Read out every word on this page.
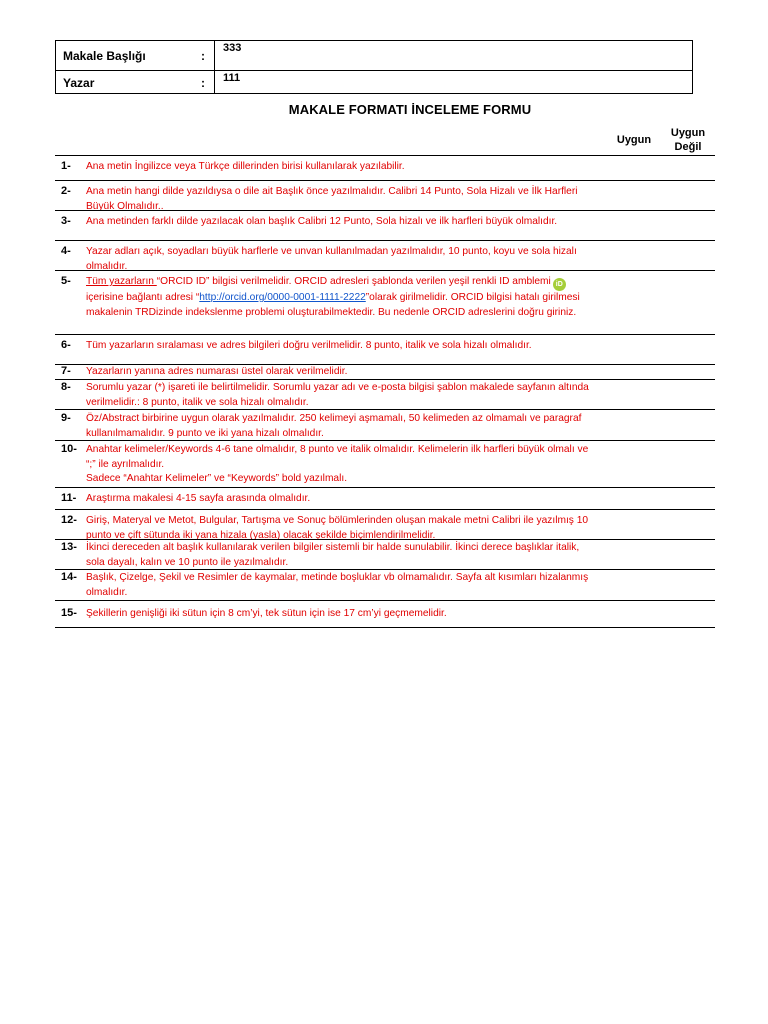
Makale Başlığı	:
333
Yazar	: 111
MAKALE FORMATI İNCELEME FORMU
Uygun
Uygun Değil
1- Ana metin İngilizce veya Türkçe dillerinden birisi kullanılarak yazılabilir.
2- Ana metin hangi dilde yazıldıysa o dile ait Başlık önce yazılmalıdır. Calibri 14 Punto, Sola Hizalı ve İlk Harfleri Büyük Olmalıdır..
3- Ana metinden farklı dilde yazılacak olan başlık Calibri 12 Punto, Sola hizalı ve ilk harfleri büyük olmalıdır.
4- Yazar adları açık, soyadları büyük harflerle ve unvan kullanılmadan yazılmalıdır, 10 punto, koyu ve sola hizalı olmalıdır.
5- Tüm yazarların “ORCID ID” bilgisi verilmelidir. ORCID adresleri şablonda verilen yeşil renkli ID amblemi iDiçerisine bağlantı adresi “http://orcid.org/0000-0001-1111-2222”olarak girilmelidir. ORCID bilgisi hatalı girilmesi makalenin TRDizinde indekslenme problemi oluşturabilmektedir. Bu nedenle ORCID adreslerini doğru giriniz.
6- Tüm yazarların sıralaması ve adres bilgileri doğru verilmelidir. 8 punto, italik ve sola hizalı olmalıdır.
7- Yazarların yanına adres numarası üstel olarak verilmelidir.
8- Sorumlu yazar (*) işareti ile belirtilmelidir. Sorumlu yazar adı ve e-posta bilgisi şablon makalede sayfanın altında verilmelidir.: 8 punto, italik ve sola hizalı olmalıdır.
9- Öz/Abstract birbirine uygun olarak yazılmalıdır. 250 kelimeyi aşmamalı, 50 kelimeden az olmamalı ve paragraf kullanılmamalıdır. 9 punto ve iki yana hizalı olmalıdır.
10- Anahtar kelimeler/Keywords 4-6 tane olmalıdır, 8 punto ve italik olmalıdır. Kelimelerin ilk harfleri büyük olmalı ve “;” ile ayrılmalıdır.
Sadece “Anahtar Kelimeler” ve “Keywords” bold yazılmalı.
11- Araştırma makalesi 4-15 sayfa arasında olmalıdır.
12- Giriş, Materyal ve Metot, Bulgular, Tartışma ve Sonuç bölümlerinden oluşan makale metni Calibri ile yazılmış 10 punto ve çift sütunda iki yana hizala (yasla) olacak şekilde biçimlendirilmelidir.
13- İkinci dereceden alt başlık kullanılarak verilen bilgiler sistemli bir halde sunulabilir. İkinci derece başlıklar italik, sola dayalı, kalın ve 10 punto ile yazılmalıdır.
14- Başlık, Çizelge, Şekil ve Resimler de kaymalar, metinde boşluklar vb olmamalıdır. Sayfa alt kısımları hizalanmış olmalıdır.
15- Şekillerin genişliği iki sütun için 8 cm’yi, tek sütun için ise 17 cm’yi geçmemelidir.
